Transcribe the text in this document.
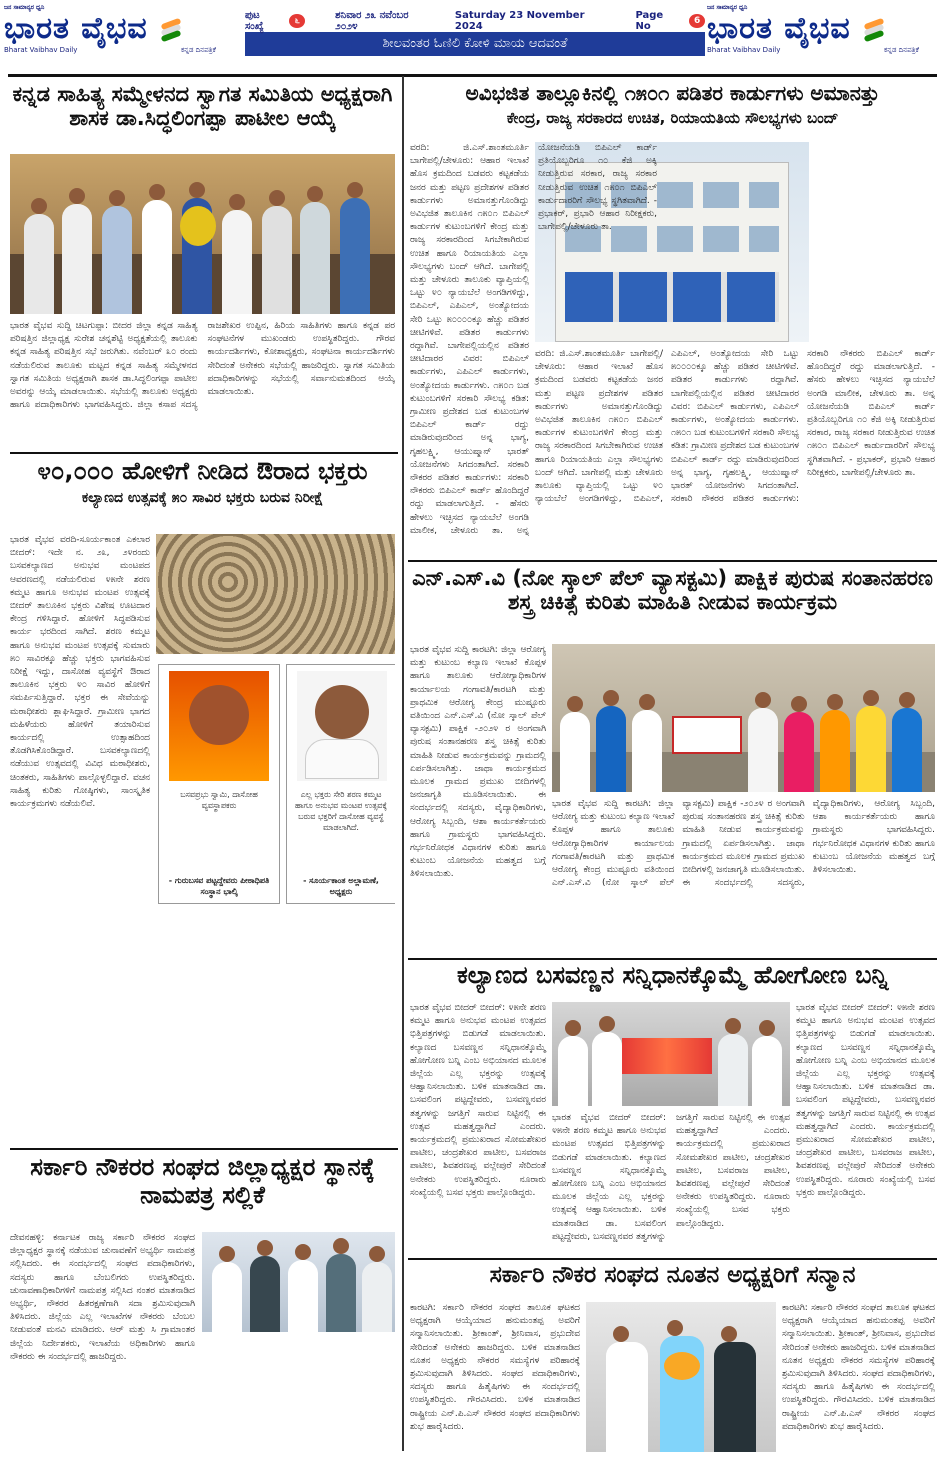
ಜನ ಸಾಮಾನ್ಯರ ಧ್ವನಿ
ಭಾರತ ವೈಭವ
Bharat Vaibhav Daily	ಕನ್ನಡ ದಿನಪತ್ರಿಕೆ
ಪುಟ ಸಂಖ್ಯೆ	೬	ಶನಿವಾರ ೨೩ ನವೆಂಬರ ೨೦೨೪
Saturday 23 November 2024
Page No	6
ಶೀಲವಂತರ ಓಣಿಲಿ ಕೋಳಿ ಮಾಯ ಆದವಂತೆ
ಜನ ಸಾಮಾನ್ಯರ ಧ್ವನಿ
ಭಾರತ ವೈಭವ
Bharat Vaibhav Daily	ಕನ್ನಡ ದಿನಪತ್ರಿಕೆ
ಕನ್ನಡ ಸಾಹಿತ್ಯ ಸಮ್ಮೇಳನದ ಸ್ವಾಗತ ಸಮಿತಿಯ ಅಧ್ಯಕ್ಷರಾಗಿ ಶಾಸಕ ಡಾ.ಸಿದ್ಧಲಿಂಗಪ್ಪಾ ಪಾಟೀಲ ಆಯ್ಕೆ
ಭಾರತ ವೈಭವ ಸುದ್ದಿ ಚಿಟಗುಪ್ಪಾ: ಬೀದರ ಜಿಲ್ಲಾ ಕನ್ನಡ ಸಾಹಿತ್ಯ ಪರಿಷತ್ತಿನ ಜಿಲ್ಲಾಧ್ಯಕ್ಷ ಸುರೇಶ ಚನ್ನಶೆಟ್ಟಿ ಅಧ್ಯಕ್ಷತೆಯಲ್ಲಿ ತಾಲೂಕು ಕನ್ನಡ ಸಾಹಿತ್ಯ ಪರಿಷತ್ತಿನ ಸಭೆ ಜರುಗಿತು. ನವೆಂಬರ್ ೩೦ ರಂದು ನಡೆಯಲಿರುವ ತಾಲೂಕು ಮಟ್ಟದ ಕನ್ನಡ ಸಾಹಿತ್ಯ ಸಮ್ಮೇಳನದ ಸ್ವಾಗತ ಸಮಿತಿಯ ಅಧ್ಯಕ್ಷರಾಗಿ ಶಾಸಕ ಡಾ.ಸಿದ್ಧಲಿಂಗಪ್ಪಾ ಪಾಟೀಲ ಅವರನ್ನು ಆಯ್ಕೆ ಮಾಡಲಾಯಿತು. ಸಭೆಯಲ್ಲಿ ತಾಲೂಕು ಅಧ್ಯಕ್ಷರು ಹಾಗೂ ಪದಾಧಿಕಾರಿಗಳು ಭಾಗವಹಿಸಿದ್ದರು. ಜಿಲ್ಲಾ ಕಸಾಪ ಸದಸ್ಯ ರಾಜಶೇಖರ ಉಪ್ಪಿನ, ಹಿರಿಯ ಸಾಹಿತಿಗಳು ಹಾಗೂ ಕನ್ನಡ ಪರ ಸಂಘಟನೆಗಳ ಮುಖಂಡರು ಉಪಸ್ಥಿತರಿದ್ದರು. ಗೌರವ ಕಾರ್ಯದರ್ಶಿಗಳು, ಕೋಶಾಧ್ಯಕ್ಷರು, ಸಂಘಟನಾ ಕಾರ್ಯದರ್ಶಿಗಳು ಸೇರಿದಂತೆ ಅನೇಕರು ಸಭೆಯಲ್ಲಿ ಹಾಜರಿದ್ದರು. ಸ್ವಾಗತ ಸಮಿತಿಯ ಪದಾಧಿಕಾರಿಗಳನ್ನು ಸಭೆಯಲ್ಲಿ ಸರ್ವಾನುಮತದಿಂದ ಆಯ್ಕೆ ಮಾಡಲಾಯಿತು.
೪೦,೦೦೦ ಹೋಳಿಗೆ ನೀಡಿದ ಔರಾದ ಭಕ್ತರು
ಕಲ್ಯಾಣದ ಉತ್ಸವಕ್ಕೆ ೫೦ ಸಾವಿರ ಭಕ್ತರು ಬರುವ ನಿರೀಕ್ಷೆ
ಭಾರತ ವೈಭವ ವರದಿ-ಸೂರ್ಯಕಾಂತ ಎಕಲಾರ ಬೀದರ್: ಇದೇ ನ. ೨೩, ೨೪ರಂದು ಬಸವಕಲ್ಯಾಣದ ಅನುಭವ ಮಂಟಪದ ಆವರಣದಲ್ಲಿ ನಡೆಯಲಿರುವ ೪೫ನೇ ಶರಣ ಕಮ್ಮಟ ಹಾಗೂ ಅನುಭವ ಮಂಟಪ ಉತ್ಸವಕ್ಕೆ ಬೀದರ್ ತಾಲೂಕಿನ ಭಕ್ತರು ವಿಶೇಷ ಊಟದಾರ ಕೇಂದ್ರ ಗಳಿಸಿದ್ದಾರೆ. ಹೋಳಿಗೆ ಸಿದ್ಧಪಡಿಸುವ ಕಾರ್ಯ ಭರದಿಂದ ಸಾಗಿದೆ. ಶರಣ ಕಮ್ಮಟ ಹಾಗೂ ಅನುಭವ ಮಂಟಪ ಉತ್ಸವಕ್ಕೆ ಸುಮಾರು ೫೦ ಸಾವಿರಕ್ಕೂ ಹೆಚ್ಚು ಭಕ್ತರು ಭಾಗವಹಿಸುವ ನಿರೀಕ್ಷೆ ಇದ್ದು, ದಾಸೋಹ ವ್ಯವಸ್ಥೆಗೆ ಔರಾದ ತಾಲೂಕಿನ ಭಕ್ತರು ೪೦ ಸಾವಿರ ಹೋಳಿಗೆ ಸಮರ್ಪಿಸುತ್ತಿದ್ದಾರೆ. ಭಕ್ತರ ಈ ಸೇವೆಯನ್ನು ಮಠಾಧೀಶರು ಶ್ಲಾಘಿಸಿದ್ದಾರೆ. ಗ್ರಾಮೀಣ ಭಾಗದ ಮಹಿಳೆಯರು ಹೋಳಿಗೆ ತಯಾರಿಸುವ ಕಾರ್ಯದಲ್ಲಿ ಉತ್ಸಾಹದಿಂದ ತೊಡಗಿಸಿಕೊಂಡಿದ್ದಾರೆ. ಬಸವಕಲ್ಯಾಣದಲ್ಲಿ ನಡೆಯುವ ಉತ್ಸವದಲ್ಲಿ ವಿವಿಧ ಮಠಾಧೀಶರು, ಚಿಂತಕರು, ಸಾಹಿತಿಗಳು ಪಾಲ್ಗೊಳ್ಳಲಿದ್ದಾರೆ. ವಚನ ಸಾಹಿತ್ಯ ಕುರಿತು ಗೋಷ್ಠಿಗಳು, ಸಾಂಸ್ಕೃತಿಕ ಕಾರ್ಯಕ್ರಮಗಳು ನಡೆಯಲಿವೆ.
ಬಸವಪ್ರಭು ಸ್ವಾಮಿ, ದಾಸೋಹ ವ್ಯವಸ್ಥಾಪಕರು
- ಗುರುಬಸವ ಪಟ್ಟದ್ದೇವರು ಪೀಠಾಧಿಪತಿ ಸಂಸ್ಥಾನ ಭಾಲ್ಕಿ
ಎಲ್ಲ ಭಕ್ತರು ಸೇರಿ ಶರಣ ಕಮ್ಮಟ ಹಾಗೂ ಅನುಭವ ಮಂಟಪ ಉತ್ಸವಕ್ಕೆ ಬರುವ ಭಕ್ತರಿಗೆ ದಾಸೋಹ ವ್ಯವಸ್ಥೆ ಮಾಡಲಾಗಿದೆ.
- ಸೂರ್ಯಕಾಂತ ಅಲ್ಲಾಮಣೆ, ಅಧ್ಯಕ್ಷರು
ಸರ್ಕಾರಿ ನೌಕರರ ಸಂಘದ ಜಿಲ್ಲಾಧ್ಯಕ್ಷರ ಸ್ಥಾನಕ್ಕೆ ನಾಮಪತ್ರ ಸಲ್ಲಿಕೆ
ದೇವನಹಳ್ಳಿ: ಕರ್ನಾಟಕ ರಾಜ್ಯ ಸರ್ಕಾರಿ ನೌಕರರ ಸಂಘದ ಜಿಲ್ಲಾಧ್ಯಕ್ಷರ ಸ್ಥಾನಕ್ಕೆ ನಡೆಯುವ ಚುನಾವಣೆಗೆ ಅಭ್ಯರ್ಥಿ ನಾಮಪತ್ರ ಸಲ್ಲಿಸಿದರು. ಈ ಸಂದರ್ಭದಲ್ಲಿ ಸಂಘದ ಪದಾಧಿಕಾರಿಗಳು, ಸದಸ್ಯರು ಹಾಗೂ ಬೆಂಬಲಿಗರು ಉಪಸ್ಥಿತರಿದ್ದರು. ಚುನಾವಣಾಧಿಕಾರಿಗಳಿಗೆ ನಾಮಪತ್ರ ಸಲ್ಲಿಸಿದ ನಂತರ ಮಾತನಾಡಿದ ಅಭ್ಯರ್ಥಿ, ನೌಕರರ ಹಿತರಕ್ಷಣೆಗಾಗಿ ಸದಾ ಶ್ರಮಿಸುವುದಾಗಿ ತಿಳಿಸಿದರು. ಜಿಲ್ಲೆಯ ಎಲ್ಲ ಇಲಾಖೆಗಳ ನೌಕರರು ಬೆಂಬಲ ನೀಡುವಂತೆ ಮನವಿ ಮಾಡಿದರು. ಆರ್ ಮತ್ತು ಸಿ ಗ್ರಾಮಾಂತರ ಜಿಲ್ಲೆಯ ನಿರ್ದೇಶಕರು, ಇಲಾಖೆಯ ಅಧಿಕಾರಿಗಳು ಹಾಗೂ ನೌಕರರು ಈ ಸಂದರ್ಭದಲ್ಲಿ ಹಾಜರಿದ್ದರು.
ಅವಿಭಜಿತ ತಾಲ್ಲೂಕಿನಲ್ಲಿ ೧೫೦೧ ಪಡಿತರ ಕಾರ್ಡುಗಳು ಅಮಾನತ್ತು
ಕೇಂದ್ರ, ರಾಜ್ಯ ಸರಕಾರದ ಉಚಿತ, ರಿಯಾಯತಿಯ ಸೌಲಭ್ಯಗಳು ಬಂದ್
ವರದಿ: ಜಿ.ಎಸ್.ಶಾಂತಮೂರ್ತಿ ಬಾಗೇಪಲ್ಲಿ/ಚೇಳೂರು: ಆಹಾರ ಇಲಾಖೆ ಹೊಸ ಕ್ರಮದಿಂದ ಬಡವರು ಕಟ್ಟಕಡೆಯ ಜನರ ಮತ್ತು ಪಟ್ಟಣ ಪ್ರದೇಶಗಳ ಪಡಿತರ ಕಾರ್ಡುಗಳು ಅಮಾನತ್ತುಗೊಂಡಿದ್ದು ಅವಿಭಜಿತ ತಾಲೂಕಿನ ೧೫೦೧ ಬಿಪಿಎಲ್ ಕಾರ್ಡುಗಳ ಕುಟುಂಬಗಳಿಗೆ ಕೇಂದ್ರ ಮತ್ತು ರಾಜ್ಯ ಸರಕಾರದಿಂದ ಸಿಗಬೇಕಾಗಿರುವ ಉಚಿತ ಹಾಗೂ ರಿಯಾಯತಿಯ ಎಲ್ಲಾ ಸೌಲಭ್ಯಗಳು ಬಂದ್ ಆಗಿದೆ. ಬಾಗೇಪಲ್ಲಿ ಮತ್ತು ಚೇಳೂರು ತಾಲೂಕು ವ್ಯಾಪ್ತಿಯಲ್ಲಿ ಒಟ್ಟು ೪೦ ನ್ಯಾಯಬೆಲೆ ಅಂಗಡಿಗಳಿದ್ದು, ಬಿಪಿಎಲ್, ಎಪಿಎಲ್, ಅಂತ್ಯೋದಯ ಸೇರಿ ಒಟ್ಟು ೫೦೦೦೦ಕ್ಕೂ ಹೆಚ್ಚು ಪಡಿತರ ಚೀಟಿಗಳಿವೆ. ಪಡಿತರ ಕಾರ್ಡುಗಳು ರದ್ದಾಗಿವೆ. ಬಾಗೇಪಲ್ಲಿಯಲ್ಲಿನ ಪಡಿತರ ಚೀಟಿದಾರರ ವಿವರ: ಬಿಪಿಎಲ್ ಕಾರ್ಡುಗಳು, ಎಪಿಎಲ್ ಕಾರ್ಡುಗಳು, ಅಂತ್ಯೋದಯ ಕಾರ್ಡುಗಳು. ೧೫೦೧ ಬಡ ಕುಟುಂಬಗಳಿಗೆ ಸರಕಾರಿ ಸೌಲಭ್ಯ ಕಡಿತ: ಗ್ರಾಮೀಣ ಪ್ರದೇಶದ ಬಡ ಕುಟುಂಬಗಳ ಬಿಪಿಎಲ್ ಕಾರ್ಡ್ ರದ್ದು ಮಾಡಿರುವುದರಿಂದ ಅನ್ನ ಭಾಗ್ಯ, ಗೃಹಲಕ್ಷ್ಮಿ, ಆಯುಷ್ಮಾನ್ ಭಾರತ್ ಯೋಜನೆಗಳು ಸಿಗದಂತಾಗಿದೆ. ಸರಕಾರಿ ನೌಕರರ ಪಡಿತರ ಕಾರ್ಡುಗಳು: ಸರಕಾರಿ ನೌಕರರು ಬಿಪಿಎಲ್ ಕಾರ್ಡ್ ಹೊಂದಿದ್ದರೆ ರದ್ದು ಮಾಡಲಾಗುತ್ತಿದೆ. - ಹೆಸರು ಹೇಳಲು ಇಚ್ಛಿಸದ ನ್ಯಾಯಬೆಲೆ ಅಂಗಡಿ ಮಾಲೀಕ, ಚೇಳೂರು ತಾ. ಅನ್ನ
ವರದಿ: ಜಿ.ಎಸ್.ಶಾಂತಮೂರ್ತಿ ಬಾಗೇಪಲ್ಲಿ/ಚೇಳೂರು: ಆಹಾರ ಇಲಾಖೆ ಹೊಸ ಕ್ರಮದಿಂದ ಬಡವರು ಕಟ್ಟಕಡೆಯ ಜನರ ಮತ್ತು ಪಟ್ಟಣ ಪ್ರದೇಶಗಳ ಪಡಿತರ ಕಾರ್ಡುಗಳು ಅಮಾನತ್ತುಗೊಂಡಿದ್ದು ಅವಿಭಜಿತ ತಾಲೂಕಿನ ೧೫೦೧ ಬಿಪಿಎಲ್ ಕಾರ್ಡುಗಳ ಕುಟುಂಬಗಳಿಗೆ ಕೇಂದ್ರ ಮತ್ತು ರಾಜ್ಯ ಸರಕಾರದಿಂದ ಸಿಗಬೇಕಾಗಿರುವ ಉಚಿತ ಹಾಗೂ ರಿಯಾಯತಿಯ ಎಲ್ಲಾ ಸೌಲಭ್ಯಗಳು ಬಂದ್ ಆಗಿದೆ. ಬಾಗೇಪಲ್ಲಿ ಮತ್ತು ಚೇಳೂರು ತಾಲೂಕು ವ್ಯಾಪ್ತಿಯಲ್ಲಿ ಒಟ್ಟು ೪೦ ನ್ಯಾಯಬೆಲೆ ಅಂಗಡಿಗಳಿದ್ದು, ಬಿಪಿಎಲ್, ಎಪಿಎಲ್, ಅಂತ್ಯೋದಯ ಸೇರಿ ಒಟ್ಟು ೫೦೦೦೦ಕ್ಕೂ ಹೆಚ್ಚು ಪಡಿತರ ಚೀಟಿಗಳಿವೆ. ಪಡಿತರ ಕಾರ್ಡುಗಳು ರದ್ದಾಗಿವೆ. ಬಾಗೇಪಲ್ಲಿಯಲ್ಲಿನ ಪಡಿತರ ಚೀಟಿದಾರರ ವಿವರ: ಬಿಪಿಎಲ್ ಕಾರ್ಡುಗಳು, ಎಪಿಎಲ್ ಕಾರ್ಡುಗಳು, ಅಂತ್ಯೋದಯ ಕಾರ್ಡುಗಳು. ೧೫೦೧ ಬಡ ಕುಟುಂಬಗಳಿಗೆ ಸರಕಾರಿ ಸೌಲಭ್ಯ ಕಡಿತ: ಗ್ರಾಮೀಣ ಪ್ರದೇಶದ ಬಡ ಕುಟುಂಬಗಳ ಬಿಪಿಎಲ್ ಕಾರ್ಡ್ ರದ್ದು ಮಾಡಿರುವುದರಿಂದ ಅನ್ನ ಭಾಗ್ಯ, ಗೃಹಲಕ್ಷ್ಮಿ, ಆಯುಷ್ಮಾನ್ ಭಾರತ್ ಯೋಜನೆಗಳು ಸಿಗದಂತಾಗಿದೆ. ಸರಕಾರಿ ನೌಕರರ ಪಡಿತರ ಕಾರ್ಡುಗಳು: ಸರಕಾರಿ ನೌಕರರು ಬಿಪಿಎಲ್ ಕಾರ್ಡ್ ಹೊಂದಿದ್ದರೆ ರದ್ದು ಮಾಡಲಾಗುತ್ತಿದೆ. - ಹೆಸರು ಹೇಳಲು ಇಚ್ಛಿಸದ ನ್ಯಾಯಬೆಲೆ ಅಂಗಡಿ ಮಾಲೀಕ, ಚೇಳೂರು ತಾ. ಅನ್ನ ಯೋಜನೆಯಡಿ ಬಿಪಿಎಲ್ ಕಾರ್ಡ್ ಪ್ರತಿಯೊಬ್ಬರಿಗೂ ೧೦ ಕೆಜಿ ಅಕ್ಕಿ ನೀಡುತ್ತಿರುವ ಸರಕಾರ, ರಾಜ್ಯ ಸರಕಾರ ನೀಡುತ್ತಿರುವ ಉಚಿತ ೧೫೦೧ ಬಿಪಿಎಲ್ ಕಾರ್ಡುದಾರರಿಗೆ ಸೌಲಭ್ಯ ಸ್ಥಗಿತವಾಗಿದೆ. - ಪ್ರಭಾಕರ್, ಪ್ರಭಾರಿ ಆಹಾರ ನಿರೀಕ್ಷಕರು, ಬಾಗೇಪಲ್ಲಿ/ಚೇಳೂರು ತಾ.
ಎನ್.ಎಸ್.ವಿ (ನೋ ಸ್ಕಾಲ್ ಪೆಲ್ ವ್ಯಾಸಕ್ಟಮಿ) ಪಾಕ್ಷಿಕ ಪುರುಷ ಸಂತಾನಹರಣ ಶಸ್ತ್ರ ಚಿಕಿತ್ಸೆ ಕುರಿತು ಮಾಹಿತಿ ನೀಡುವ ಕಾರ್ಯಕ್ರಮ
ಭಾರತ ವೈಭವ ಸುದ್ದಿ ಕಾರಟಗಿ: ಜಿಲ್ಲಾ ಆರೋಗ್ಯ ಮತ್ತು ಕುಟುಂಬ ಕಲ್ಯಾಣ ಇಲಾಖೆ ಕೊಪ್ಪಳ ಹಾಗೂ ತಾಲೂಕು ಆರೋಗ್ಯಾಧಿಕಾರಿಗಳ ಕಾರ್ಯಾಲಯ ಗಂಗಾವತಿ/ಕಾರಟಗಿ ಮತ್ತು ಪ್ರಾಥಮಿಕ ಆರೋಗ್ಯ ಕೇಂದ್ರ ಮುಷ್ಟೂರು ವತಿಯಿಂದ ಎನ್.ಎಸ್.ವಿ (ನೋ ಸ್ಕಾಲ್ ಪೆಲ್ ವ್ಯಾಸಕ್ಟಮಿ) ಪಾಕ್ಷಿಕ -೨೦೨೪ ರ ಅಂಗವಾಗಿ ಪುರುಷ ಸಂತಾನಹರಣ ಶಸ್ತ್ರ ಚಿಕಿತ್ಸೆ ಕುರಿತು ಮಾಹಿತಿ ನೀಡುವ ಕಾರ್ಯಕ್ರಮವನ್ನು ಗ್ರಾಮದಲ್ಲಿ ಏರ್ಪಡಿಸಲಾಗಿತ್ತು. ಜಾಥಾ ಕಾರ್ಯಕ್ರಮದ ಮೂಲಕ ಗ್ರಾಮದ ಪ್ರಮುಖ ಬೀದಿಗಳಲ್ಲಿ ಜನಜಾಗೃತಿ ಮೂಡಿಸಲಾಯಿತು. ಈ ಸಂದರ್ಭದಲ್ಲಿ ಸದಸ್ಯರು, ವೈದ್ಯಾಧಿಕಾರಿಗಳು, ಆರೋಗ್ಯ ಸಿಬ್ಬಂದಿ, ಆಶಾ ಕಾರ್ಯಕರ್ತೆಯರು ಹಾಗೂ ಗ್ರಾಮಸ್ಥರು ಭಾಗವಹಿಸಿದ್ದರು. ಗರ್ಭನಿರೋಧಕ ವಿಧಾನಗಳ ಕುರಿತು ಹಾಗೂ ಕುಟುಂಬ ಯೋಜನೆಯ ಮಹತ್ವದ ಬಗ್ಗೆ ತಿಳಿಸಲಾಯಿತು.
ಭಾರತ ವೈಭವ ಸುದ್ದಿ ಕಾರಟಗಿ: ಜಿಲ್ಲಾ ಆರೋಗ್ಯ ಮತ್ತು ಕುಟುಂಬ ಕಲ್ಯಾಣ ಇಲಾಖೆ ಕೊಪ್ಪಳ ಹಾಗೂ ತಾಲೂಕು ಆರೋಗ್ಯಾಧಿಕಾರಿಗಳ ಕಾರ್ಯಾಲಯ ಗಂಗಾವತಿ/ಕಾರಟಗಿ ಮತ್ತು ಪ್ರಾಥಮಿಕ ಆರೋಗ್ಯ ಕೇಂದ್ರ ಮುಷ್ಟೂರು ವತಿಯಿಂದ ಎನ್.ಎಸ್.ವಿ (ನೋ ಸ್ಕಾಲ್ ಪೆಲ್ ವ್ಯಾಸಕ್ಟಮಿ) ಪಾಕ್ಷಿಕ -೨೦೨೪ ರ ಅಂಗವಾಗಿ ಪುರುಷ ಸಂತಾನಹರಣ ಶಸ್ತ್ರ ಚಿಕಿತ್ಸೆ ಕುರಿತು ಮಾಹಿತಿ ನೀಡುವ ಕಾರ್ಯಕ್ರಮವನ್ನು ಗ್ರಾಮದಲ್ಲಿ ಏರ್ಪಡಿಸಲಾಗಿತ್ತು. ಜಾಥಾ ಕಾರ್ಯಕ್ರಮದ ಮೂಲಕ ಗ್ರಾಮದ ಪ್ರಮುಖ ಬೀದಿಗಳಲ್ಲಿ ಜನಜಾಗೃತಿ ಮೂಡಿಸಲಾಯಿತು. ಈ ಸಂದರ್ಭದಲ್ಲಿ ಸದಸ್ಯರು, ವೈದ್ಯಾಧಿಕಾರಿಗಳು, ಆರೋಗ್ಯ ಸಿಬ್ಬಂದಿ, ಆಶಾ ಕಾರ್ಯಕರ್ತೆಯರು ಹಾಗೂ ಗ್ರಾಮಸ್ಥರು ಭಾಗವಹಿಸಿದ್ದರು. ಗರ್ಭನಿರೋಧಕ ವಿಧಾನಗಳ ಕುರಿತು ಹಾಗೂ ಕುಟುಂಬ ಯೋಜನೆಯ ಮಹತ್ವದ ಬಗ್ಗೆ ತಿಳಿಸಲಾಯಿತು.
ಕಲ್ಯಾಣದ ಬಸವಣ್ಣನ ಸನ್ನಿಧಾನಕ್ಕೊಮ್ಮೆ ಹೋಗೋಣ ಬನ್ನಿ
ಭಾರತ ವೈಭವ ಬೀದರ್ ಬೀದರ್: ೪೫ನೇ ಶರಣ ಕಮ್ಮಟ ಹಾಗೂ ಅನುಭವ ಮಂಟಪ ಉತ್ಸವದ ಭಿತ್ತಿಪತ್ರಗಳನ್ನು ಬಿಡುಗಡೆ ಮಾಡಲಾಯಿತು. ಕಲ್ಯಾಣದ ಬಸವಣ್ಣನ ಸನ್ನಿಧಾನಕ್ಕೊಮ್ಮೆ ಹೋಗೋಣ ಬನ್ನಿ ಎಂಬ ಅಭಿಯಾನದ ಮೂಲಕ ಜಿಲ್ಲೆಯ ಎಲ್ಲ ಭಕ್ತರನ್ನು ಉತ್ಸವಕ್ಕೆ ಆಹ್ವಾನಿಸಲಾಯಿತು. ಬಳಿಕ ಮಾತನಾಡಿದ ಡಾ. ಬಸವಲಿಂಗ ಪಟ್ಟದ್ದೇವರು, ಬಸವಣ್ಣನವರ ತತ್ವಗಳನ್ನು ಜಗತ್ತಿಗೆ ಸಾರುವ ನಿಟ್ಟಿನಲ್ಲಿ ಈ ಉತ್ಸವ ಮಹತ್ವದ್ದಾಗಿದೆ ಎಂದರು. ಕಾರ್ಯಕ್ರಮದಲ್ಲಿ ಪ್ರಮುಖರಾದ ಸೋಮಶೇಖರ ಪಾಟೀಲ, ಚಂದ್ರಶೇಖರ ಪಾಟೀಲ, ಬಸವರಾಜ ಪಾಟೀಲ, ಶಿವಶರಣಪ್ಪ ವಲ್ಲೇಪುರೆ ಸೇರಿದಂತೆ ಅನೇಕರು ಉಪಸ್ಥಿತರಿದ್ದರು. ನೂರಾರು ಸಂಖ್ಯೆಯಲ್ಲಿ ಬಸವ ಭಕ್ತರು ಪಾಲ್ಗೊಂಡಿದ್ದರು.
ಭಾರತ ವೈಭವ ಬೀದರ್ ಬೀದರ್: ೪೫ನೇ ಶರಣ ಕಮ್ಮಟ ಹಾಗೂ ಅನುಭವ ಮಂಟಪ ಉತ್ಸವದ ಭಿತ್ತಿಪತ್ರಗಳನ್ನು ಬಿಡುಗಡೆ ಮಾಡಲಾಯಿತು. ಕಲ್ಯಾಣದ ಬಸವಣ್ಣನ ಸನ್ನಿಧಾನಕ್ಕೊಮ್ಮೆ ಹೋಗೋಣ ಬನ್ನಿ ಎಂಬ ಅಭಿಯಾನದ ಮೂಲಕ ಜಿಲ್ಲೆಯ ಎಲ್ಲ ಭಕ್ತರನ್ನು ಉತ್ಸವಕ್ಕೆ ಆಹ್ವಾನಿಸಲಾಯಿತು. ಬಳಿಕ ಮಾತನಾಡಿದ ಡಾ. ಬಸವಲಿಂಗ ಪಟ್ಟದ್ದೇವರು, ಬಸವಣ್ಣನವರ ತತ್ವಗಳನ್ನು ಜಗತ್ತಿಗೆ ಸಾರುವ ನಿಟ್ಟಿನಲ್ಲಿ ಈ ಉತ್ಸವ ಮಹತ್ವದ್ದಾಗಿದೆ ಎಂದರು. ಕಾರ್ಯಕ್ರಮದಲ್ಲಿ ಪ್ರಮುಖರಾದ ಸೋಮಶೇಖರ ಪಾಟೀಲ, ಚಂದ್ರಶೇಖರ ಪಾಟೀಲ, ಬಸವರಾಜ ಪಾಟೀಲ, ಶಿವಶರಣಪ್ಪ ವಲ್ಲೇಪುರೆ ಸೇರಿದಂತೆ ಅನೇಕರು ಉಪಸ್ಥಿತರಿದ್ದರು. ನೂರಾರು ಸಂಖ್ಯೆಯಲ್ಲಿ ಬಸವ ಭಕ್ತರು ಪಾಲ್ಗೊಂಡಿದ್ದರು.
ಭಾರತ ವೈಭವ ಬೀದರ್ ಬೀದರ್: ೪೫ನೇ ಶರಣ ಕಮ್ಮಟ ಹಾಗೂ ಅನುಭವ ಮಂಟಪ ಉತ್ಸವದ ಭಿತ್ತಿಪತ್ರಗಳನ್ನು ಬಿಡುಗಡೆ ಮಾಡಲಾಯಿತು. ಕಲ್ಯಾಣದ ಬಸವಣ್ಣನ ಸನ್ನಿಧಾನಕ್ಕೊಮ್ಮೆ ಹೋಗೋಣ ಬನ್ನಿ ಎಂಬ ಅಭಿಯಾನದ ಮೂಲಕ ಜಿಲ್ಲೆಯ ಎಲ್ಲ ಭಕ್ತರನ್ನು ಉತ್ಸವಕ್ಕೆ ಆಹ್ವಾನಿಸಲಾಯಿತು. ಬಳಿಕ ಮಾತನಾಡಿದ ಡಾ. ಬಸವಲಿಂಗ ಪಟ್ಟದ್ದೇವರು, ಬಸವಣ್ಣನವರ ತತ್ವಗಳನ್ನು ಜಗತ್ತಿಗೆ ಸಾರುವ ನಿಟ್ಟಿನಲ್ಲಿ ಈ ಉತ್ಸವ ಮಹತ್ವದ್ದಾಗಿದೆ ಎಂದರು. ಕಾರ್ಯಕ್ರಮದಲ್ಲಿ ಪ್ರಮುಖರಾದ ಸೋಮಶೇಖರ ಪಾಟೀಲ, ಚಂದ್ರಶೇಖರ ಪಾಟೀಲ, ಬಸವರಾಜ ಪಾಟೀಲ, ಶಿವಶರಣಪ್ಪ ವಲ್ಲೇಪುರೆ ಸೇರಿದಂತೆ ಅನೇಕರು ಉಪಸ್ಥಿತರಿದ್ದರು. ನೂರಾರು ಸಂಖ್ಯೆಯಲ್ಲಿ ಬಸವ ಭಕ್ತರು ಪಾಲ್ಗೊಂಡಿದ್ದರು.
ಸರ್ಕಾರಿ ನೌಕರ ಸಂಘದ ನೂತನ ಅಧ್ಯಕ್ಷರಿಗೆ ಸನ್ಮಾನ
ಕಾರಟಗಿ: ಸರ್ಕಾರಿ ನೌಕರರ ಸಂಘದ ತಾಲೂಕ ಘಟಕದ ಅಧ್ಯಕ್ಷರಾಗಿ ಆಯ್ಕೆಯಾದ ಹನುಮಂತಪ್ಪ ಅವರಿಗೆ ಸನ್ಮಾನಿಸಲಾಯಿತು. ಶ್ರೀಕಾಂತ್, ಶ್ರೀನಿವಾಸ, ಪ್ರಭುದೇವ ಸೇರಿದಂತೆ ಅನೇಕರು ಹಾಜರಿದ್ದರು. ಬಳಿಕ ಮಾತನಾಡಿದ ನೂತನ ಅಧ್ಯಕ್ಷರು ನೌಕರರ ಸಮಸ್ಯೆಗಳ ಪರಿಹಾರಕ್ಕೆ ಶ್ರಮಿಸುವುದಾಗಿ ತಿಳಿಸಿದರು. ಸಂಘದ ಪದಾಧಿಕಾರಿಗಳು, ಸದಸ್ಯರು ಹಾಗೂ ಹಿತೈಷಿಗಳು ಈ ಸಂದರ್ಭದಲ್ಲಿ ಉಪಸ್ಥಿತರಿದ್ದರು. ಗೌರವಿಸಿದರು. ಬಳಿಕ ಮಾತನಾಡಿದ ರಾಷ್ಟ್ರೀಯ ಎನ್.ಪಿ.ಎಸ್ ನೌಕರರ ಸಂಘದ ಪದಾಧಿಕಾರಿಗಳು ಶುಭ ಹಾರೈಸಿದರು.
ಕಾರಟಗಿ: ಸರ್ಕಾರಿ ನೌಕರರ ಸಂಘದ ತಾಲೂಕ ಘಟಕದ ಅಧ್ಯಕ್ಷರಾಗಿ ಆಯ್ಕೆಯಾದ ಹನುಮಂತಪ್ಪ ಅವರಿಗೆ ಸನ್ಮಾನಿಸಲಾಯಿತು. ಶ್ರೀಕಾಂತ್, ಶ್ರೀನಿವಾಸ, ಪ್ರಭುದೇವ ಸೇರಿದಂತೆ ಅನೇಕರು ಹಾಜರಿದ್ದರು. ಬಳಿಕ ಮಾತನಾಡಿದ ನೂತನ ಅಧ್ಯಕ್ಷರು ನೌಕರರ ಸಮಸ್ಯೆಗಳ ಪರಿಹಾರಕ್ಕೆ ಶ್ರಮಿಸುವುದಾಗಿ ತಿಳಿಸಿದರು. ಸಂಘದ ಪದಾಧಿಕಾರಿಗಳು, ಸದಸ್ಯರು ಹಾಗೂ ಹಿತೈಷಿಗಳು ಈ ಸಂದರ್ಭದಲ್ಲಿ ಉಪಸ್ಥಿತರಿದ್ದರು. ಗೌರವಿಸಿದರು. ಬಳಿಕ ಮಾತನಾಡಿದ ರಾಷ್ಟ್ರೀಯ ಎನ್.ಪಿ.ಎಸ್ ನೌಕರರ ಸಂಘದ ಪದಾಧಿಕಾರಿಗಳು ಶುಭ ಹಾರೈಸಿದರು.
